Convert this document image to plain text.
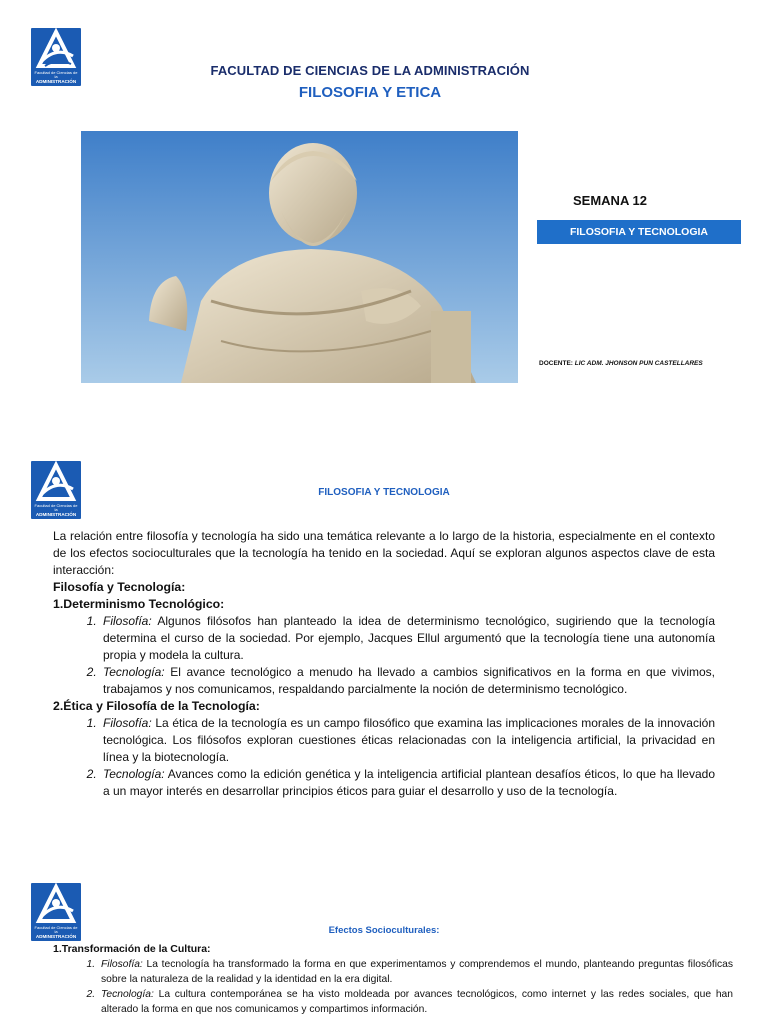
Facultad de Ciencias de la
ADMINISTRACIÓN
FACULTAD DE CIENCIAS DE LA ADMINISTRACIÓN
FILOSOFIA Y ETICA
SEMANA 12
FILOSOFIA Y TECNOLOGIA
DOCENTE: LIC ADM. JHONSON PUN CASTELLARES
Facultad de Ciencias de la
ADMINISTRACIÓN
FILOSOFIA Y TECNOLOGIA
La relación entre filosofía y tecnología ha sido una temática relevante a lo largo de la historia, especialmente en el contexto de los efectos socioculturales que la tecnología ha tenido en la sociedad. Aquí se exploran algunos aspectos clave de esta interacción:
Filosofía y Tecnología:
1.Determinismo Tecnológico:
1. Filosofía: Algunos filósofos han planteado la idea de determinismo tecnológico, sugiriendo que la tecnología determina el curso de la sociedad. Por ejemplo, Jacques Ellul argumentó que la tecnología tiene una autonomía propia y modela la cultura.
2. Tecnología: El avance tecnológico a menudo ha llevado a cambios significativos en la forma en que vivimos, trabajamos y nos comunicamos, respaldando parcialmente la noción de determinismo tecnológico.
2.Ética y Filosofía de la Tecnología:
1. Filosofía: La ética de la tecnología es un campo filosófico que examina las implicaciones morales de la innovación tecnológica. Los filósofos exploran cuestiones éticas relacionadas con la inteligencia artificial, la privacidad en línea y la biotecnología.
2. Tecnología: Avances como la edición genética y la inteligencia artificial plantean desafíos éticos, lo que ha llevado a un mayor interés en desarrollar principios éticos para guiar el desarrollo y uso de la tecnología.
Facultad de Ciencias de la
ADMINISTRACIÓN	Efectos Socioculturales:
1.Transformación de la Cultura:
1. Filosofía: La tecnología ha transformado la forma en que experimentamos y comprendemos el mundo, planteando preguntas filosóficas sobre la naturaleza de la realidad y la identidad en la era digital.
2. Tecnología: La cultura contemporánea se ha visto moldeada por avances tecnológicos, como internet y las redes sociales, que han alterado la forma en que nos comunicamos y compartimos información.
